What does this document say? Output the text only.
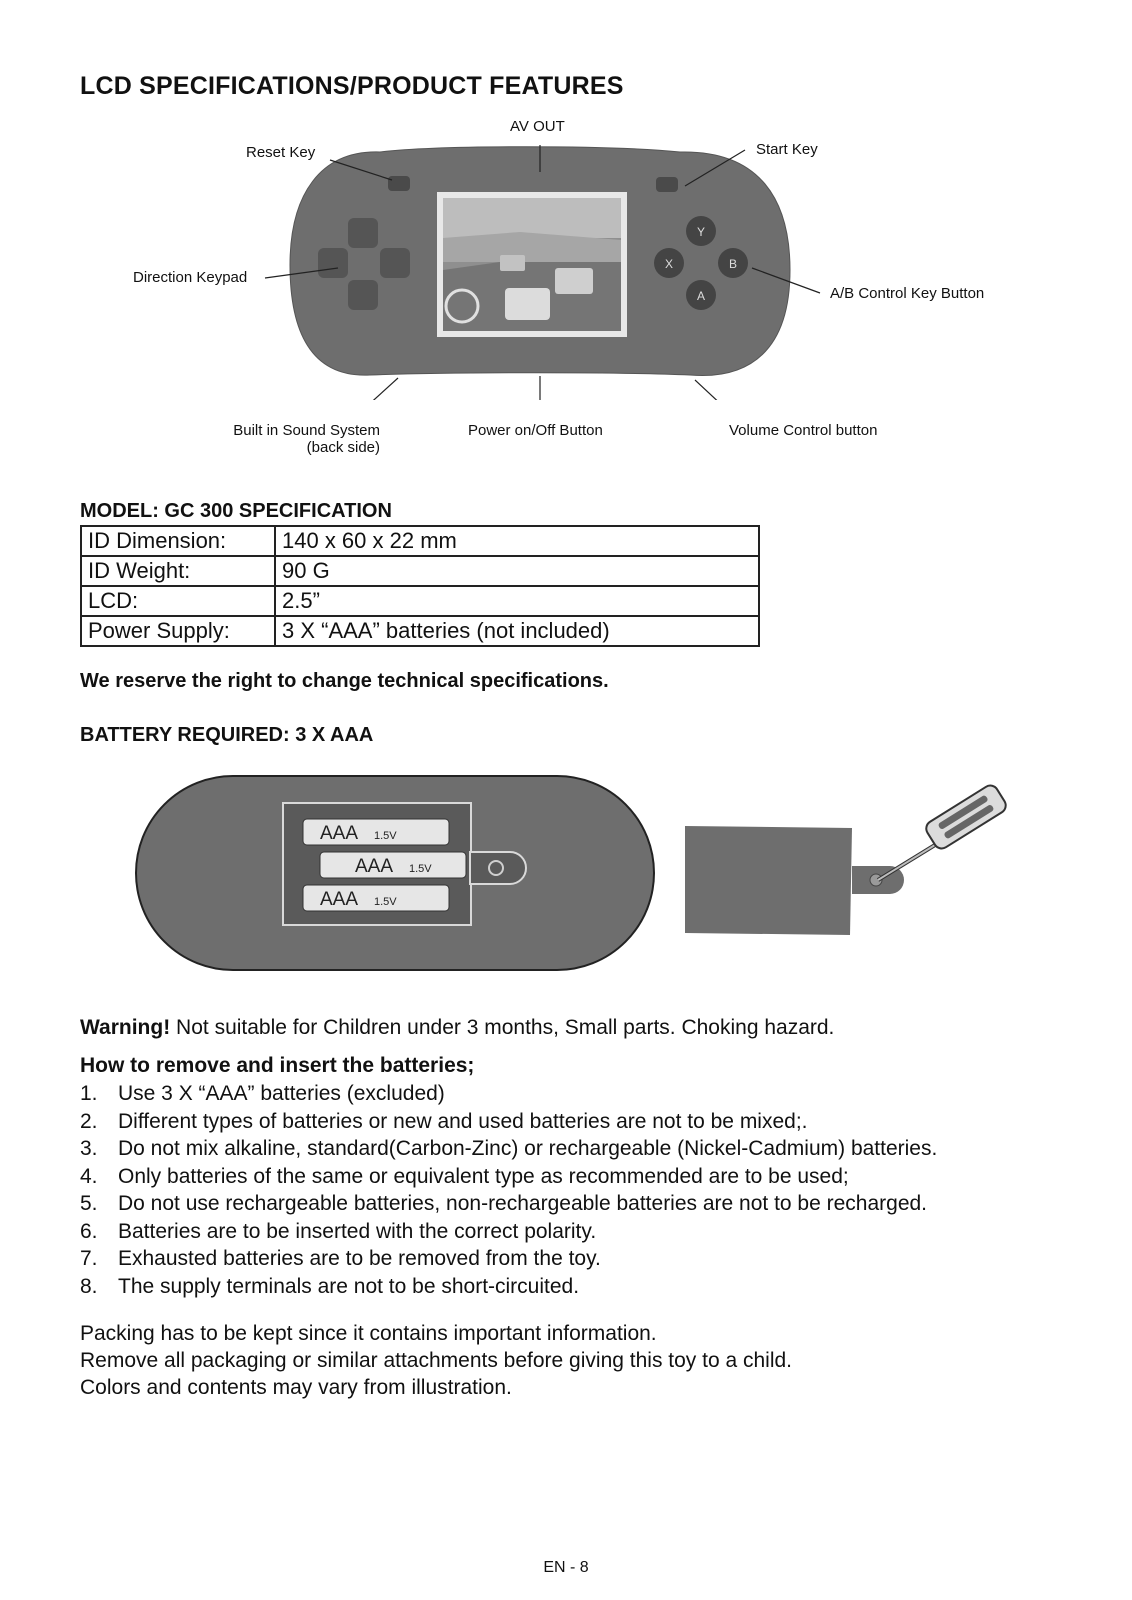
LCD SPECIFICATIONS/PRODUCT FEATURES
Y
X	B
A
AV OUT
Reset Key	Start Key
Direction Keypad
A/B Control Key Button
Built in Sound System
(back side)
Power on/Off Button	Volume Control button
MODEL: GC 300 SPECIFICATION
ID Dimension:	140 x 60 x 22 mm
ID Weight:	90 G
LCD:	2.5”
Power Supply:	3 X “AAA” batteries (not included)
We reserve the right to change technical specifications.
BATTERY REQUIRED: 3 X AAA
AAA 1.5V
AAA 1.5V
AAA 1.5V
Warning! Not suitable for Children under 3 months, Small parts. Choking hazard.
How to remove and insert the batteries;
1. Use 3 X “AAA” batteries (excluded)
2. Different types of batteries or new and used batteries are not to be mixed;.
3. Do not mix alkaline, standard(Carbon-Zinc) or rechargeable (Nickel-Cadmium) batteries.
4. Only batteries of the same or equivalent type as recommended are to be used;
5. Do not use rechargeable batteries, non-rechargeable batteries are not to be recharged.
6. Batteries are to be inserted with the correct polarity.
7. Exhausted batteries are to be removed from the toy.
8. The supply terminals are not to be short-circuited.
Packing has to be kept since it contains important information.
Remove all packaging or similar attachments before giving this toy to a child.
Colors and contents may vary from illustration.
EN - 8
